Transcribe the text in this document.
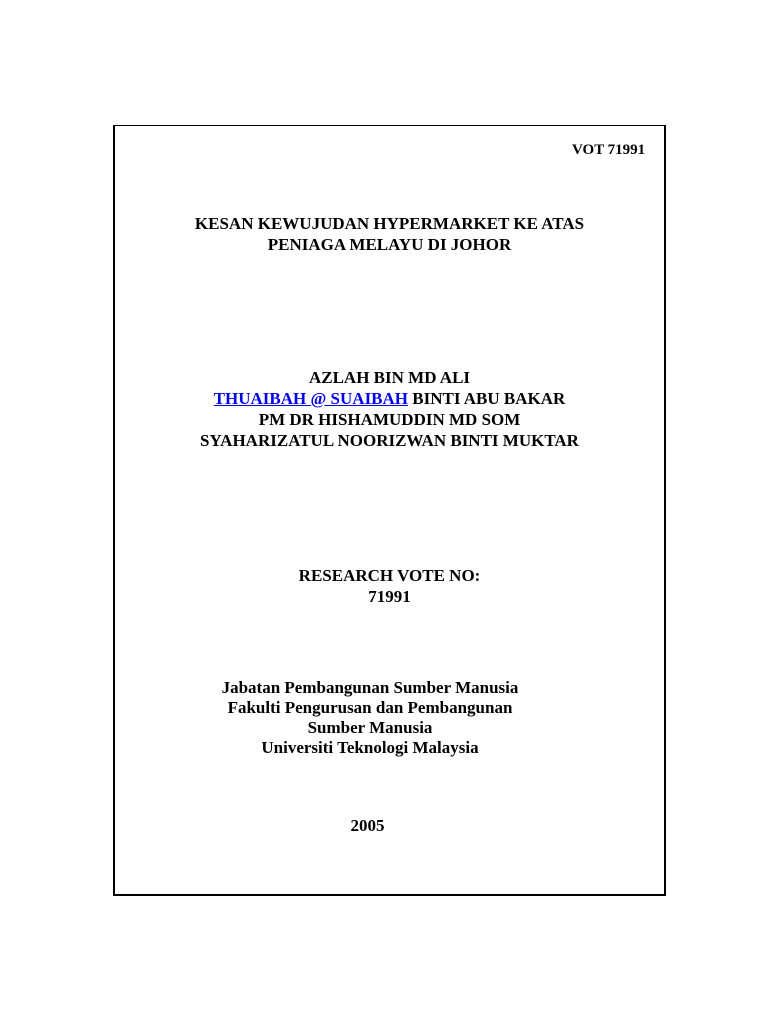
VOT 71991
KESAN KEWUJUDAN HYPERMARKET KE ATAS
PENIAGA MELAYU DI JOHOR
AZLAH BIN MD ALI
THUAIBAH @ SUAIBAH BINTI ABU BAKAR
PM DR HISHAMUDDIN MD SOM
SYAHARIZATUL NOORIZWAN BINTI MUKTAR
RESEARCH VOTE NO:
71991
Jabatan Pembangunan Sumber Manusia
Fakulti Pengurusan dan Pembangunan
Sumber Manusia
Universiti Teknologi Malaysia
2005
